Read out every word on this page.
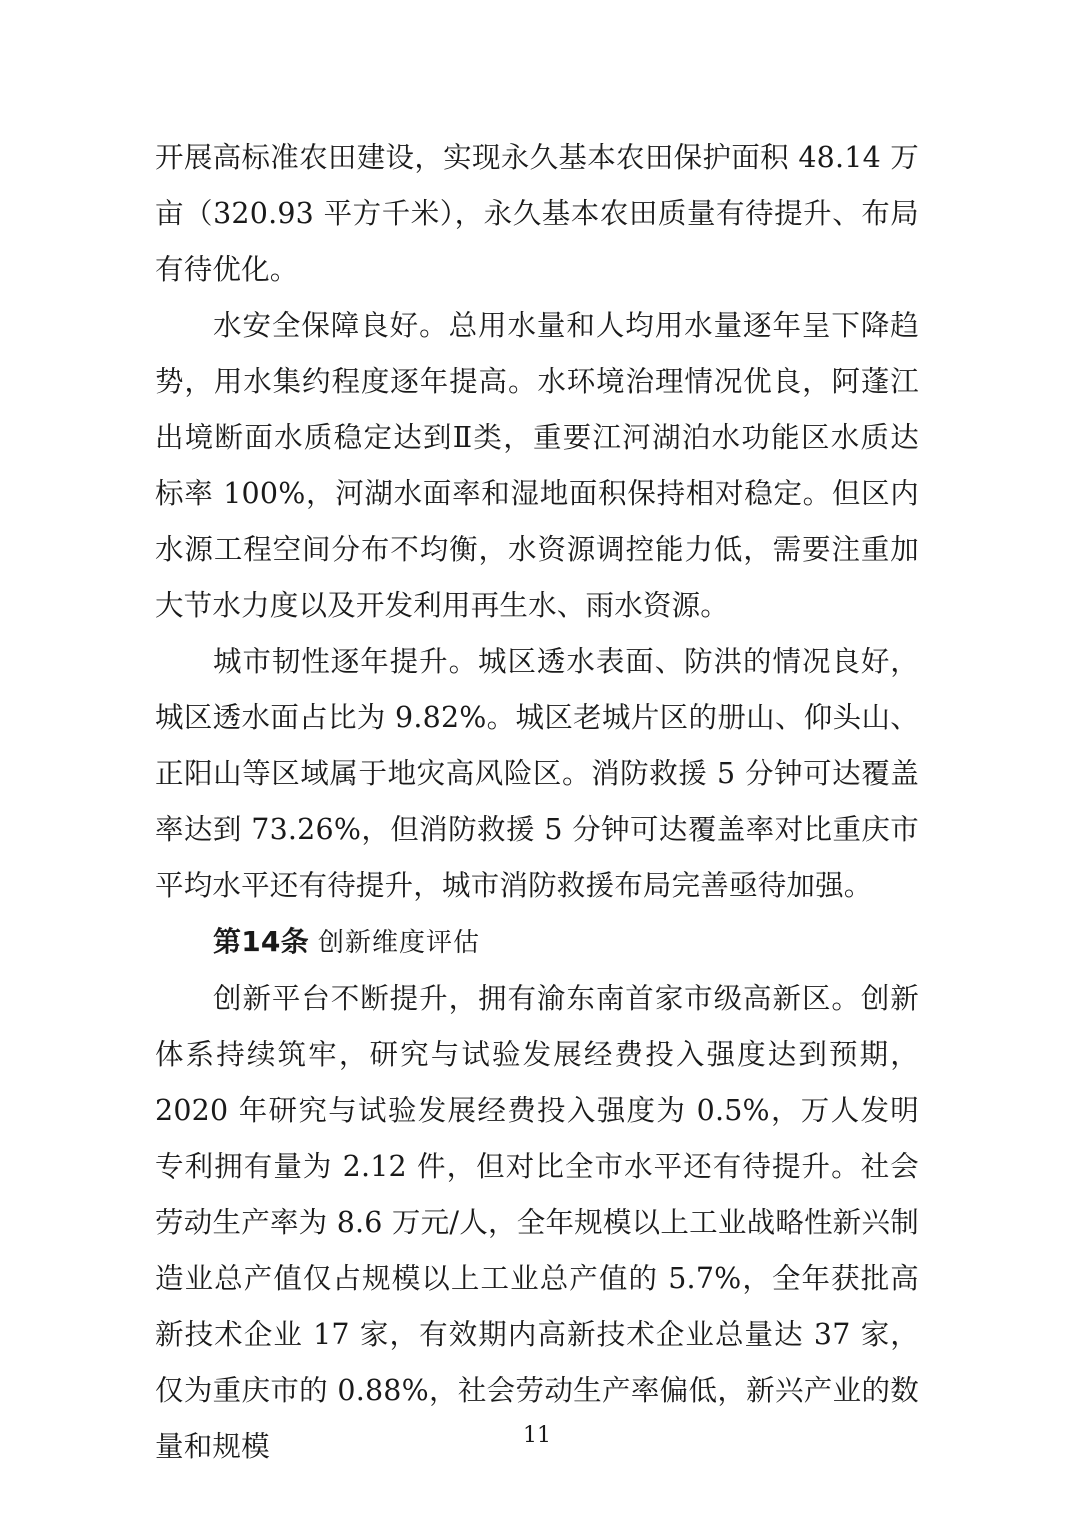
开展高标准农田建设，实现永久基本农田保护面积 48.14 万亩（320.93 平方千米），永久基本农田质量有待提升、布局有待优化。

水安全保障良好。总用水量和人均用水量逐年呈下降趋势，用水集约程度逐年提高。水环境治理情况优良，阿蓬江出境断面水质稳定达到Ⅱ类，重要江河湖泊水功能区水质达标率 100%，河湖水面率和湿地面积保持相对稳定。但区内水源工程空间分布不均衡，水资源调控能力低，需要注重加大节水力度以及开发利用再生水、雨水资源。

城市韧性逐年提升。城区透水表面、防洪的情况良好，城区透水面占比为 9.82%。城区老城片区的册山、仰头山、正阳山等区域属于地灾高风险区。消防救援 5 分钟可达覆盖率达到 73.26%，但消防救援 5 分钟可达覆盖率对比重庆市平均水平还有待提升，城市消防救援布局完善亟待加强。

第14条 创新维度评估

创新平台不断提升，拥有渝东南首家市级高新区。创新体系持续筑牢，研究与试验发展经费投入强度达到预期，2020 年研究与试验发展经费投入强度为 0.5%，万人发明专利拥有量为 2.12 件，但对比全市水平还有待提升。社会劳动生产率为 8.6 万元/人，全年规模以上工业战略性新兴制造业总产值仅占规模以上工业总产值的 5.7%，全年获批高新技术企业 17 家，有效期内高新技术企业总量达 37 家，仅为重庆市的 0.88%，社会劳动生产率偏低，新兴产业的数量和规模	11
